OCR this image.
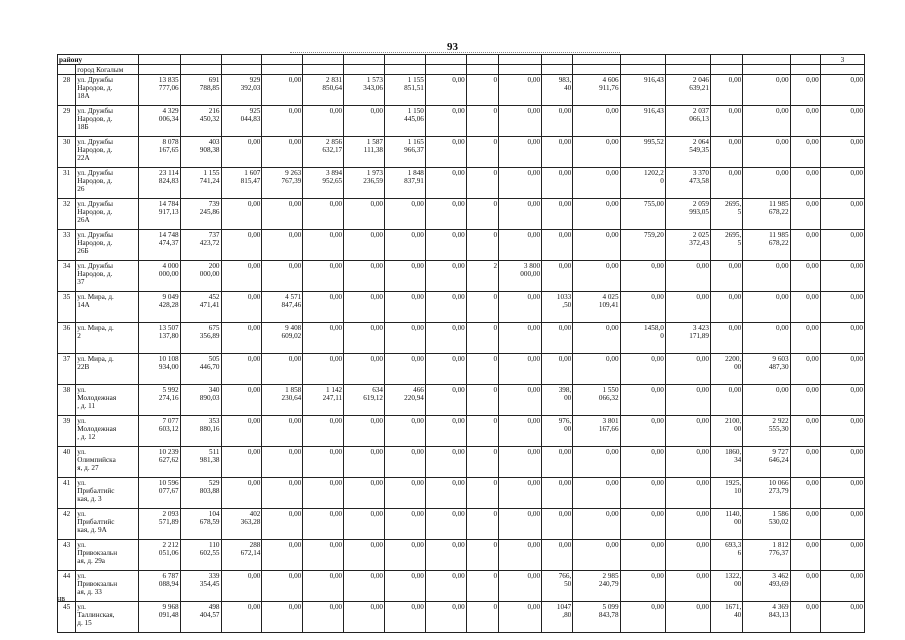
93
району																			3
	город Когалым																		
28	ул. Дружбы
Народов, д.
18А	13 835
777,06	691
788,85	929
392,03	0,00	2 831
850,64	1 573
343,06	1 155
851,51	0,00	0	0,00	983,
40	4 606
911,76	916,43	2 046
639,21	0,00	0,00	0,00	0,00
29	ул. Дружбы
Народов, д.
18Б	4 329
006,34	216
450,32	925
044,83	0,00	0,00	0,00	1 150
445,06	0,00	0	0,00	0,00	0,00	916,43	2 037
066,13	0,00	0,00	0,00	0,00
30	ул. Дружбы
Народов, д.
22А	8 078
167,65	403
908,38	0,00	0,00	2 856
632,17	1 587
111,38	1 165
966,37	0,00	0	0,00	0,00	0,00	995,52	2 064
549,35	0,00	0,00	0,00	0,00
31	ул. Дружбы
Народов, д.
26	23 114
824,83	1 155
741,24	1 607
815,47	9 263
767,39	3 894
952,65	1 973
236,59	1 848
837,91	0,00	0	0,00	0,00	0,00	1202,2
0	3 370
473,58	0,00	0,00	0,00	0,00
32	ул. Дружбы
Народов, д.
26А	14 784
917,13	739
245,86	0,00	0,00	0,00	0,00	0,00	0,00	0	0,00	0,00	0,00	755,00	2 059
993,05	2695,
5	11 985
678,22	0,00	0,00
33	ул. Дружбы
Народов, д.
26Б	14 748
474,37	737
423,72	0,00	0,00	0,00	0,00	0,00	0,00	0	0,00	0,00	0,00	759,20	2 025
372,43	2695,
5	11 985
678,22	0,00	0,00
34	ул. Дружбы
Народов, д.
37	4 000
000,00	200
000,00	0,00	0,00	0,00	0,00	0,00	0,00	2	3 800
000,00	0,00	0,00	0,00	0,00	0,00	0,00	0,00	0,00
35	ул. Мира, д.
14А	9 049
428,28	452
471,41	0,00	4 571
847,46	0,00	0,00	0,00	0,00	0	0,00	1033
,50	4 025
109,41	0,00	0,00	0,00	0,00	0,00	0,00
36	ул. Мира, д.
2	13 507
137,80	675
356,89	0,00	9 408
609,02	0,00	0,00	0,00	0,00	0	0,00	0,00	0,00	1458,0
0	3 423
171,89	0,00	0,00	0,00	0,00
37	ул. Мира, д.
22В	10 108
934,00	505
446,70	0,00	0,00	0,00	0,00	0,00	0,00	0	0,00	0,00	0,00	0,00	0,00	2200,
00	9 603
487,30	0,00	0,00
38	ул.
Молодежная
, д. 11	5 992
274,16	340
890,03	0,00	1 858
230,64	1 142
247,11	634
619,12	466
220,94	0,00	0	0,00	398,
00	1 550
066,32	0,00	0,00	0,00	0,00	0,00	0,00
39	ул.
Молодежная
, д. 12	7 077
603,12	353
880,16	0,00	0,00	0,00	0,00	0,00	0,00	0	0,00	976,
00	3 801
167,66	0,00	0,00	2100,
00	2 922
555,30	0,00	0,00
40	ул.
Олимпийска
я, д. 27	10 239
627,62	511
981,38	0,00	0,00	0,00	0,00	0,00	0,00	0	0,00	0,00	0,00	0,00	0,00	1860,
34	9 727
646,24	0,00	0,00
41	ул.
Прибалтийс
кая, д. 3	10 596
077,67	529
803,88	0,00	0,00	0,00	0,00	0,00	0,00	0	0,00	0,00	0,00	0,00	0,00	1925,
10	10 066
273,79	0,00	0,00
42	ул.
Прибалтийс
кая, д. 9А	2 093
571,89	104
678,59	402
363,28	0,00	0,00	0,00	0,00	0,00	0	0,00	0,00	0,00	0,00	0,00	1140,
00	1 586
530,02	0,00	0,00
43	ул.
Привокзальн
ая, д. 29а	2 212
051,06	110
602,55	288
672,14	0,00	0,00	0,00	0,00	0,00	0	0,00	0,00	0,00	0,00	0,00	693,3
6	1 812
776,37	0,00	0,00
44	ул.
Привокзальн
ая, д. 33	6 787
088,94	339
354,45	0,00	0,00	0,00	0,00	0,00	0,00	0	0,00	766,
50	2 985
240,79	0,00	0,00	1322,
00	3 462
493,69	0,00	0,00
45	ул.
Таллинская,
д. 15	9 968
091,48	498
404,57	0,00	0,00	0,00	0,00	0,00	0,00	0	0,00	1047
,80	5 099
843,78	0,00	0,00	1671,
40	4 369
843,13	0,00	0,00
нв
